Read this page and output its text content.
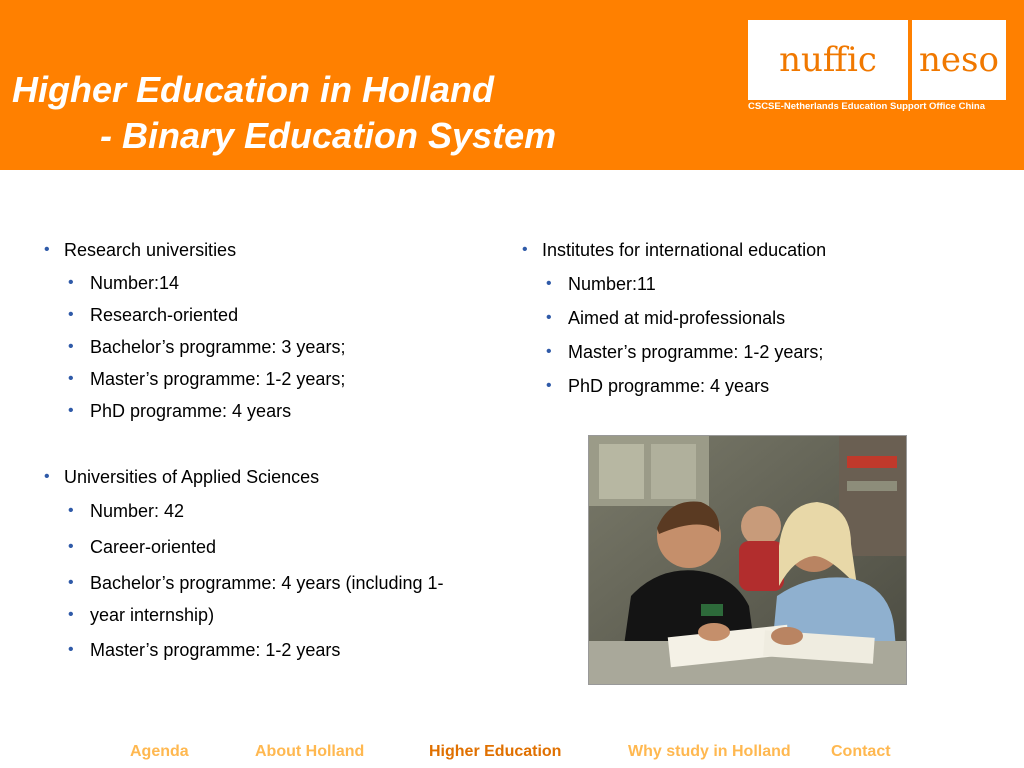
Higher Education in Holland
- Binary Education System
nuffic	neso
CSCSE-Netherlands Education Support Office China
• Research universities
• Number:14
• Research-oriented
• Bachelor’s programme: 3 years;
• Master’s programme: 1-2 years;
• PhD programme: 4 years
• Universities of Applied Sciences
• Number: 42
• Career-oriented
• Bachelor’s programme: 4 years (including 1-
• year internship)
• Master’s programme: 1-2 years
• Institutes for international education
• Number:11
• Aimed at mid-professionals
• Master’s programme: 1-2 years;
• PhD programme: 4 years
Agenda	About Holland	Higher Education	Why study in Holland	Contact
